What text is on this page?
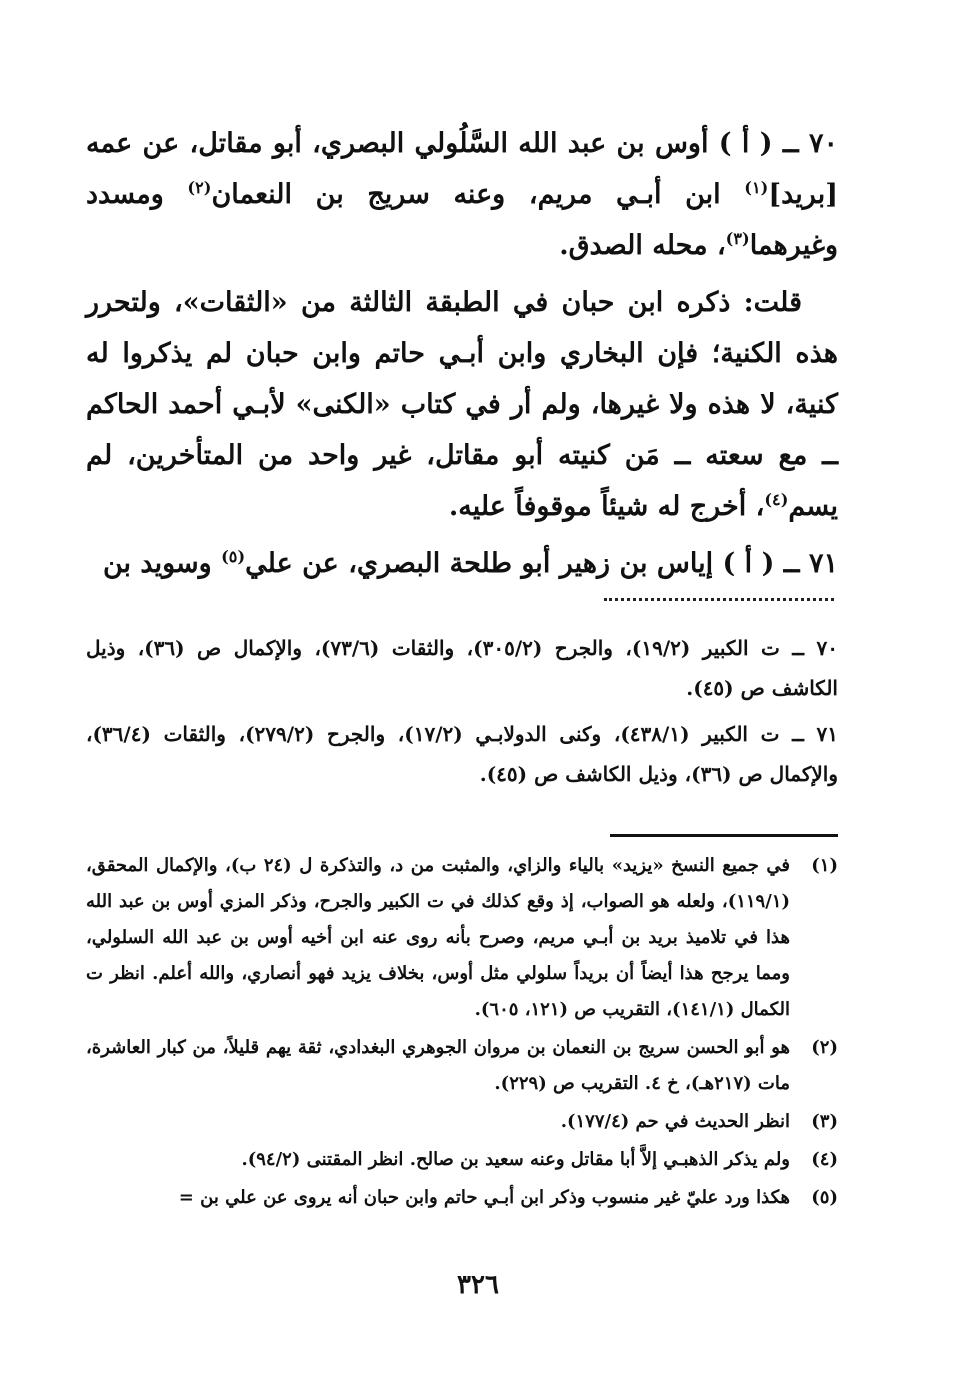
٧٠ ــ ( أ ) أوس بن عبد الله السَّلُولي البصري، أبو مقاتل، عن عمه [بريد]$^{(١)}$ ابن أبـي مريم، وعنه سريج بن النعمان$^{(٢)}$ ومسدد وغيرهما$^{(٣)}$، محله الصدق.

قلت: ذكره ابن حبان في الطبقة الثالثة من «الثقات»، ولتحرر هذه الكنية؛ فإن البخاري وابن أبـي حاتم وابن حبان لم يذكروا له كنية، لا هذه ولا غيرها، ولم أر في كتاب «الكنى» لأبـي أحمد الحاكم ــ مع سعته ــ مَن كنيته أبو مقاتل، غير واحد من المتأخرين، لم يسم$^{(٤)}$، أخرج له شيئاً موقوفاً عليه.

٧١ ــ ( أ ) إياس بن زهير أبو طلحة البصري، عن علي$^{(٥)}$ وسويد بن

٧٠ ــ ت الكبير (١٩/٢)، والجرح (٣٠٥/٢)، والثقات (٧٣/٦)، والإكمال ص (٣٦)، وذيل الكاشف ص (٤٥).

٧١ ــ ت الكبير (٤٣٨/١)، وكنى الدولابـي (١٧/٢)، والجرح (٢٧٩/٢)، والثقات (٣٦/٤)، والإكمال ص (٣٦)، وذيل الكاشف ص (٤٥).

(١)
في جميع النسخ «يزيد» بالياء والزاي، والمثبت من د، والتذكرة ل (٢٤ ب)، والإكمال المحقق، (١١٩/١)، ولعله هو الصواب، إذ وقع كذلك في ت الكبير والجرح، وذكر المزي أوس بن عبد الله هذا في تلاميذ بريد بن أبـي مريم، وصرح بأنه روى عنه ابن أخيه أوس بن عبد الله السلولي، ومما يرجح هذا أيضاً أن بريداً سلولي مثل أوس، بخلاف يزيد فهو أنصاري، والله أعلم. انظر ت الكمال (١٤١/١)، التقريب ص (١٢١، ٦٠٥).
(٢)
هو أبو الحسن سريج بن النعمان بن مروان الجوهري البغدادي، ثقة يهم قليلاً، من كبار العاشرة، مات (٢١٧هـ)، خ ٤. التقريب ص (٢٢٩).
(٣)
انظر الحديث في حم (١٧٧/٤).
(٤)
ولم يذكر الذهبـي إلاَّ أبا مقاتل وعنه سعيد بن صالح. انظر المقتنى (٩٤/٢).
(٥)
هكذا ورد عليّ غير منسوب وذكر ابن أبـي حاتم وابن حبان أنه يروى عن علي بن =
٣٢٦
